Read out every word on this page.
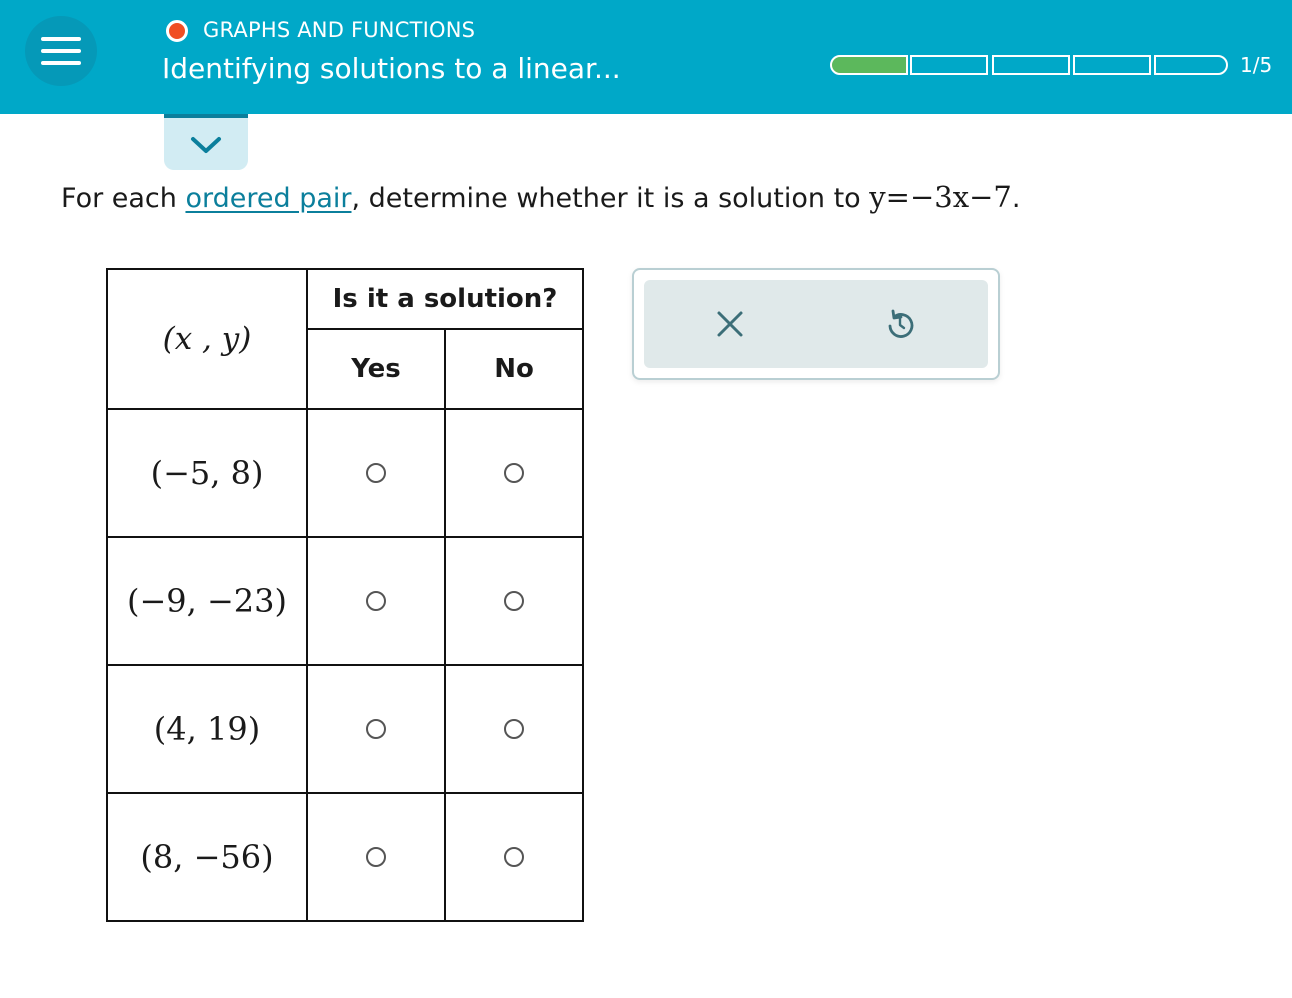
GRAPHS AND FUNCTIONS
Identifying solutions to a linear...	1/5
For each ordered pair, determine whether it is a solution to y=−3x−7.
(x , y)	Is it a solution?	
	Yes	No
(−5, 8)		
(−9, −23)		
(4, 19)		
(8, −56)		
